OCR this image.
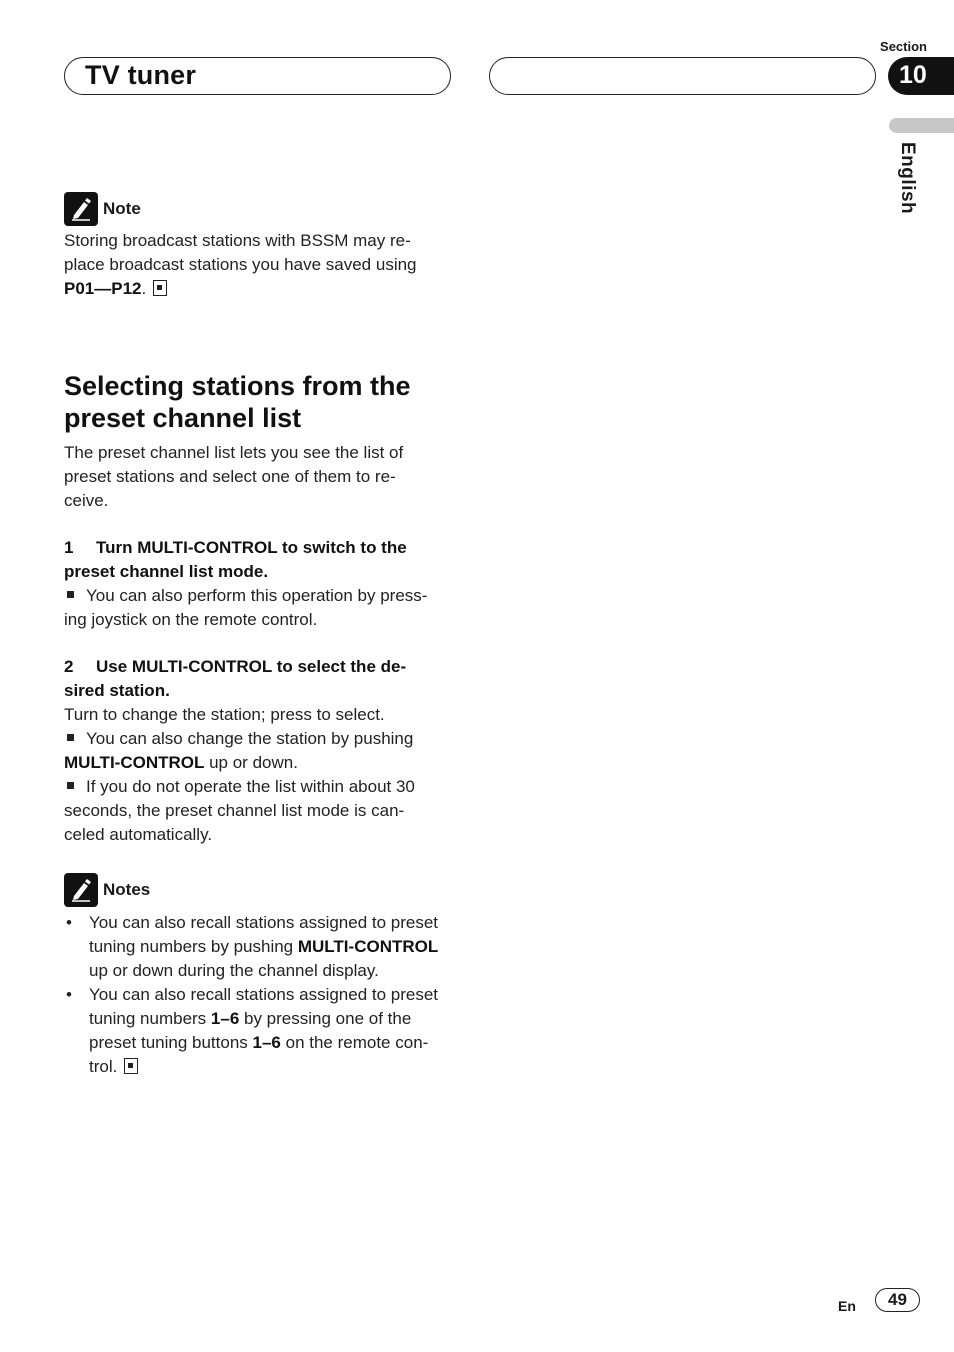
TV tuner
Section
10
English
Note
Storing broadcast stations with BSSM may re-
place broadcast stations you have saved using
P01—P12.
Selecting stations from the
preset channel list
The preset channel list lets you see the list of
preset stations and select one of them to re-
ceive.
1 Turn MULTI-CONTROL to switch to the
preset channel list mode.
You can also perform this operation by press-
ing joystick on the remote control.
2 Use MULTI-CONTROL to select the de-
sired station.
Turn to change the station; press to select.
You can also change the station by pushing
MULTI-CONTROL up or down.
If you do not operate the list within about 30
seconds, the preset channel list mode is can-
celed automatically.
Notes
• You can also recall stations assigned to preset
tuning numbers by pushing MULTI-CONTROL
up or down during the channel display.
• You can also recall stations assigned to preset
tuning numbers 1–6 by pressing one of the
preset tuning buttons 1–6 on the remote con-
trol.
En	49
